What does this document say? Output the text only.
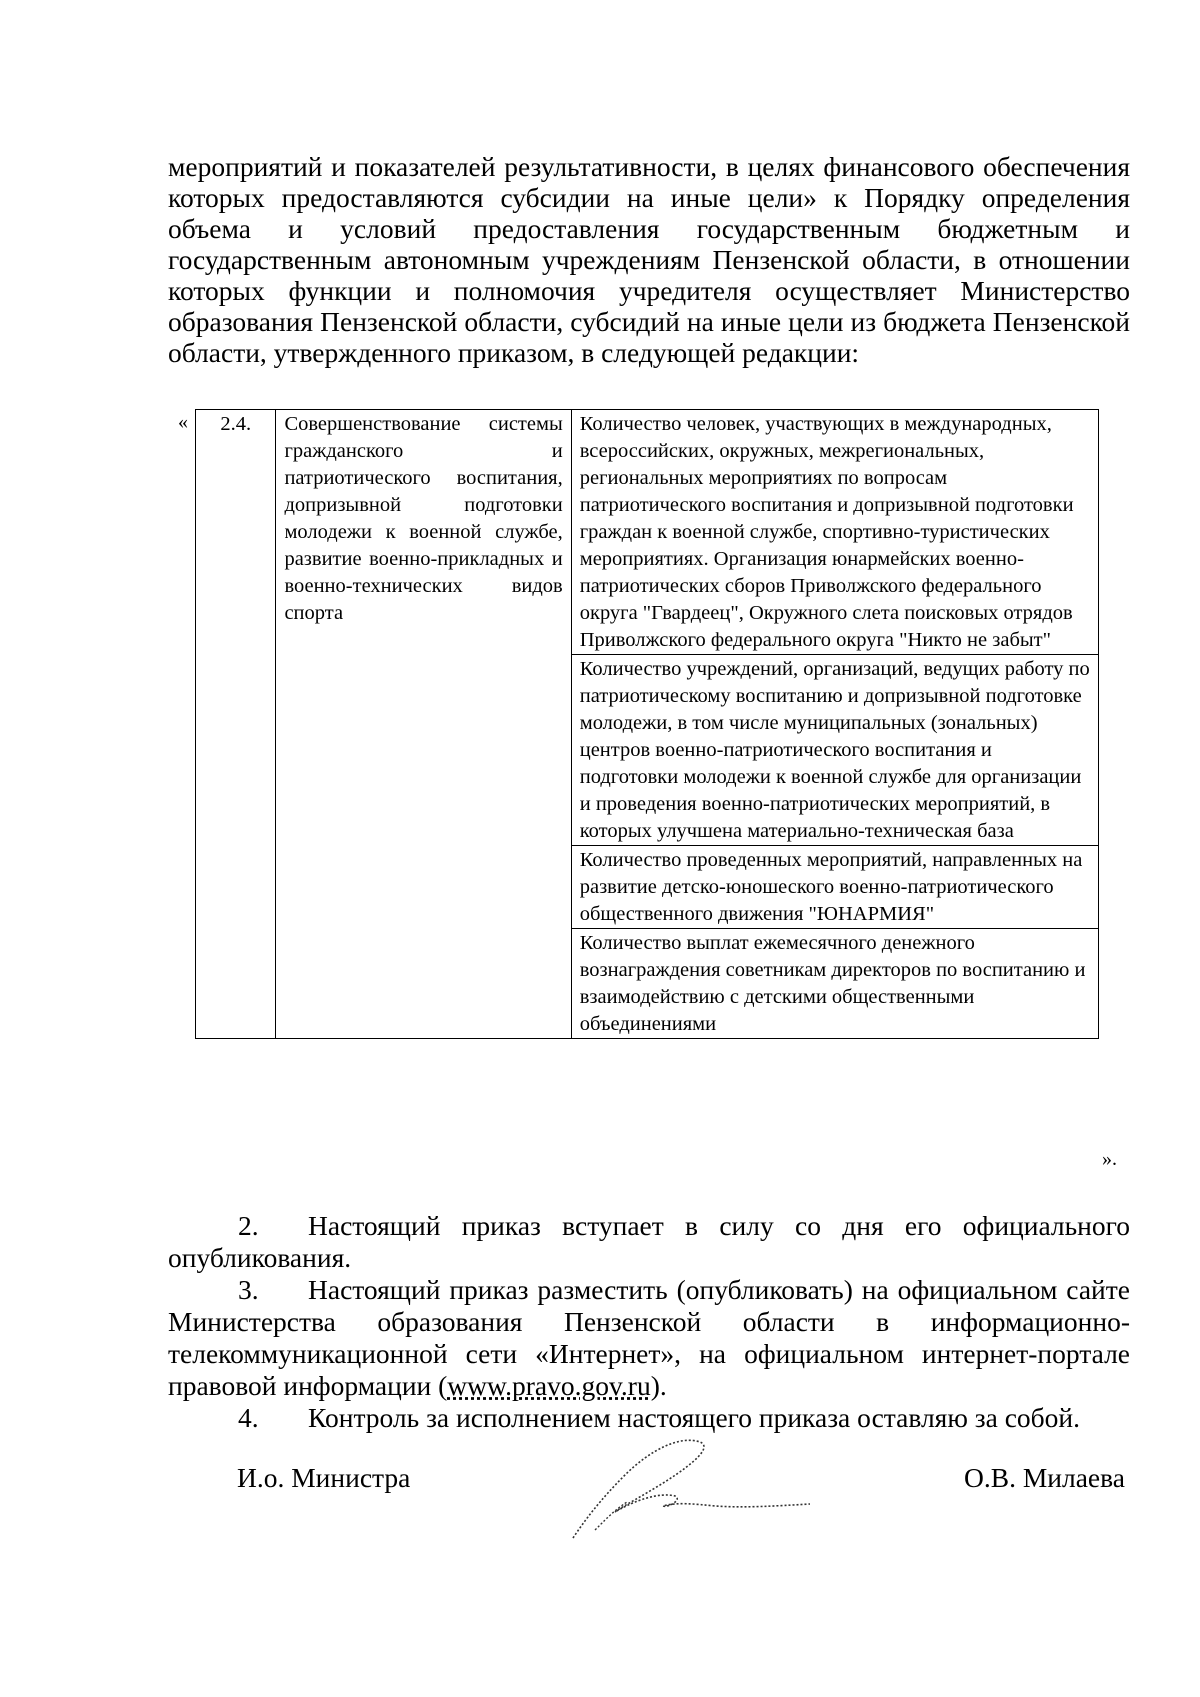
мероприятий и показателей результативности, в целях финансового обеспечения которых предоставляются субсидии на иные цели» к Порядку определения объема и условий предоставления государственным бюджетным и государственным автономным учреждениям Пензенской области, в отношении которых функции и полномочия учредителя осуществляет Министерство образования Пензенской области, субсидий на иные цели из бюджета Пензенской области, утвержденного приказом, в следующей редакции:

« 2.4.	Совершенствование системы гражданского и патриотического воспитания, допризывной подготовки молодежи к военной службе, развитие военно-прикладных и военно-технических видов спорта	Количество человек, участвующих в международных, всероссийских, окружных, межрегиональных, региональных мероприятиях по вопросам патриотического воспитания и допризывной подготовки граждан к военной службе, спортивно-туристических мероприятиях. Организация юнармейских военно-патриотических сборов Приволжского федерального округа "Гвардеец", Окружного слета поисковых отрядов Приволжского федерального округа "Никто не забыт"
Количество учреждений, организаций, ведущих работу по патриотическому воспитанию и допризывной подготовке молодежи, в том числе муниципальных (зональных) центров военно-патриотического воспитания и подготовки молодежи к военной службе для организации и проведения военно-патриотических мероприятий, в которых улучшена материально-техническая база
Количество проведенных мероприятий, направленных на развитие детско-юношеского военно-патриотического общественного движения "ЮНАРМИЯ"
Количество выплат ежемесячного денежного вознаграждения советникам директоров по воспитанию и взаимодействию с детскими общественными объединениями
».

2. Настоящий приказ вступает в силу со дня его официального опубликования.

3. Настоящий приказ разместить (опубликовать) на официальном сайте Министерства образования Пензенской области в информационно-телекоммуникационной сети «Интернет», на официальном интернет-портале правовой информации (www.pravo.gov.ru).

4. Контроль за исполнением настоящего приказа оставляю за собой.

И.о. Министра	О.В. Милаева
